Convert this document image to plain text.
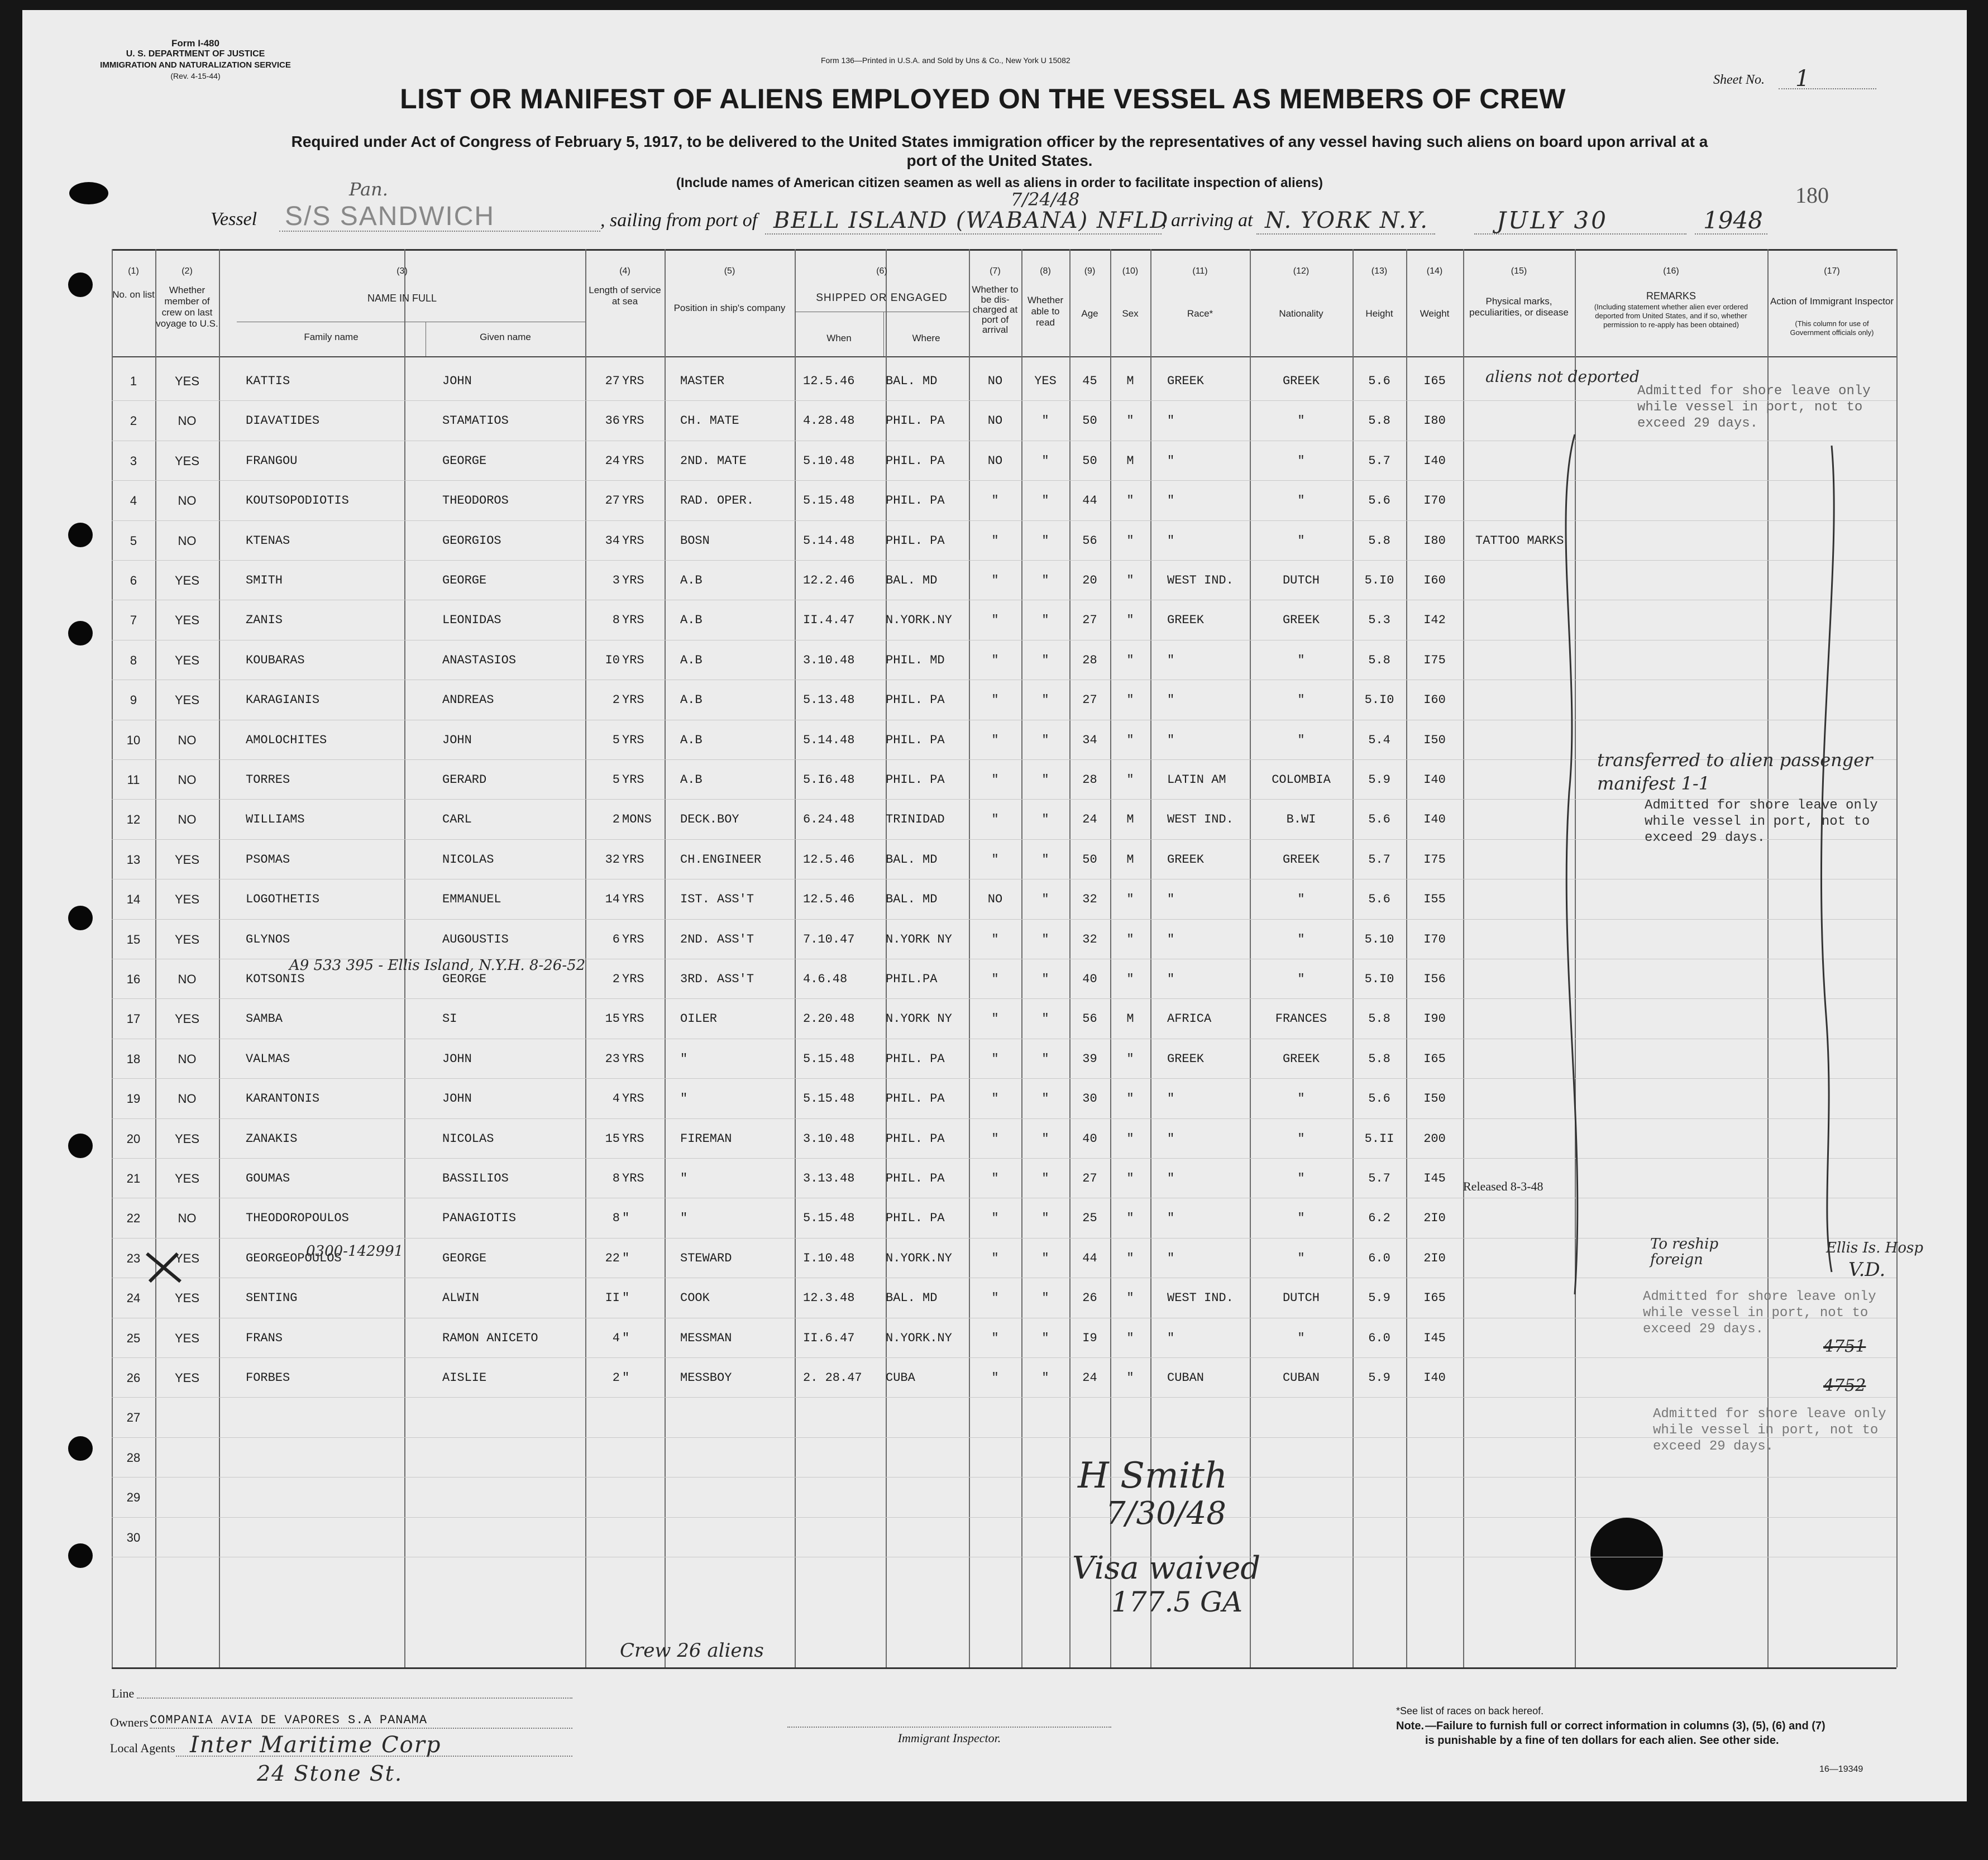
Form I-480
U. S. DEPARTMENT OF JUSTICE
IMMIGRATION AND NATURALIZATION SERVICE
(Rev. 4-15-44)
Form 136—Printed in U.S.A. and Sold by Uns & Co., New York U 15082
Sheet No. 1
180
LIST OR MANIFEST OF ALIENS EMPLOYED ON THE VESSEL AS MEMBERS OF CREW
Required under Act of Congress of February 5, 1917, to be delivered to the United States immigration officer by the representatives of any vessel having such aliens on board upon arrival at a
port of the United States.
(Include names of American citizen seamen as well as aliens in order to facilitate inspection of aliens)
Vessel
Pan.
S/S SANDWICH	, sailing from port of
7/24/48
BELL ISLAND (WABANA) NFLD
, arriving at N. YORK N.Y.	JULY 30	1948
(1)	(2)	(3)	(4)	(5)	(6)	(7)	(8)	(9)	(10)	(11)	(12)	(13)	(14)	(15)	(16)	(17)
No. on list	Whether member of crew on last voyage to U.S.
NAME IN FULL
Family name	Given name
Length of service at sea
Position in ship's company
SHIPPED OR ENGAGED
When	Where
Whether to be dis-charged at port of arrival
Whether able to read
Age	Sex	Race*	Nationality	Height	Weight
Physical marks, peculiarities, or disease
REMARKS
(Including statement whether alien ever ordered deported from United States, and if so, whether permission to re-apply has been obtained)
Action of Immigrant Inspector
(This column for use of Government officials only)
1	YES	KATTIS	JOHN	27 YRS	MASTER	12.5.46	BAL. MD	NO	YES	45	M	GREEK	GREEK	5.6	I65
2	NO	DIAVATIDES	STAMATIOS	36 YRS	CH. MATE	4.28.48	PHIL. PA	NO	"	50	"	"	"	5.8	I80
3	YES	FRANGOU	GEORGE	24 YRS	2ND. MATE	5.10.48	PHIL. PA	NO	"	50	M	"	"	5.7	I40
4	NO	KOUTSOPODIOTIS	THEODOROS	27 YRS	RAD. OPER.	5.15.48	PHIL. PA	"	"	44	"	"	"	5.6	I70
5	NO	KTENAS	GEORGIOS	34 YRS	BOSN	5.14.48	PHIL. PA	"	"	56	"	"	"	5.8	I80	TATTOO MARKS
6	YES	SMITH	GEORGE	3 YRS	A.B	12.2.46	BAL. MD	"	"	20	"	WEST IND.	DUTCH	5.I0	I60
7	YES	ZANIS	LEONIDAS	8 YRS	A.B	II.4.47	N.YORK.NY	"	"	27	"	GREEK	GREEK	5.3	I42
8	YES	KOUBARAS	ANASTASIOS	I0 YRS	A.B	3.10.48	PHIL. MD	"	"	28	"	"	"	5.8	I75
9	YES	KARAGIANIS	ANDREAS	2 YRS	A.B	5.13.48	PHIL. PA	"	"	27	"	"	"	5.I0	I60
10	NO	AMOLOCHITES	JOHN	5 YRS	A.B	5.14.48	PHIL. PA	"	"	34	"	"	"	5.4	I50
11	NO	TORRES	GERARD	5 YRS	A.B	5.I6.48	PHIL. PA	"	"	28	"	LATIN AM	COLOMBIA	5.9	I40
12	NO	WILLIAMS	CARL	2 MONS	DECK.BOY	6.24.48	TRINIDAD	"	"	24	M	WEST IND.	B.WI	5.6	I40
13	YES	PSOMAS	NICOLAS	32 YRS	CH.ENGINEER	12.5.46	BAL. MD	"	"	50	M	GREEK	GREEK	5.7	I75
14	YES	LOGOTHETIS	EMMANUEL	14 YRS	IST. ASS'T	12.5.46	BAL. MD	NO	"	32	"	"	"	5.6	I55
15	YES	GLYNOS	AUGOUSTIS	6 YRS	2ND. ASS'T	7.10.47	N.YORK NY	"	"	32	"	"	"	5.10	I70
16	NO	KOTSONIS	GEORGE	2 YRS	3RD. ASS'T	4.6.48	PHIL.PA	"	"	40	"	"	"	5.I0	I56
17	YES	SAMBA	SI	15 YRS	OILER	2.20.48	N.YORK NY	"	"	56	M	AFRICA	FRANCES	5.8	I90
18	NO	VALMAS	JOHN	23 YRS	"	5.15.48	PHIL. PA	"	"	39	"	GREEK	GREEK	5.8	I65
19	NO	KARANTONIS	JOHN	4 YRS	"	5.15.48	PHIL. PA	"	"	30	"	"	"	5.6	I50
20	YES	ZANAKIS	NICOLAS	15 YRS	FIREMAN	3.10.48	PHIL. PA	"	"	40	"	"	"	5.II	200
21	YES	GOUMAS	BASSILIOS	8 YRS	"	3.13.48	PHIL. PA	"	"	27	"	"	"	5.7	I45
Released 8-3-48
22	NO	THEODOROPOULOS	PANAGIOTIS	8 "	"	5.15.48	PHIL. PA	"	"	25	"	"	"	6.2	2I0
23	YES	GEORGEOPOULOS	GEORGE	22 "	STEWARD	I.10.48	N.YORK.NY	"	"	44	"	"	"	6.0	2I0
24	YES	SENTING	ALWIN	II "	COOK	12.3.48	BAL. MD	"	"	26	"	WEST IND.	DUTCH	5.9	I65
25	YES	FRANS	RAMON ANICETO	4 "	MESSMAN	II.6.47	N.YORK.NY	"	"	I9	"	"	"	6.0	I45
26	YES	FORBES	AISLIE	2 "	MESSBOY	2. 28.47	CUBA	"	"	24	"	CUBAN	CUBAN	5.9	I40
27
28
29
30
aliens not deported
Admitted for shore leave only while vessel in port, not to exceed 29 days.
transferred to alien passenger manifest 1-1
Admitted for shore leave only while vessel in port, not to exceed 29 days.
To reship foreign
Admitted for shore leave only while vessel in port, not to exceed 29 days.
Admitted for shore leave only while vessel in port, not to exceed 29 days.
Ellis Is. Hosp
V.D.
4751
4752
A9 533 395 - Ellis Island, N.Y.H. 8-26-52
0300-142991
H Smith
7/30/48
Visa waived
177.5 GA
Crew 26 aliens
Line
Owners COMPANIA AVIA DE VAPORES S.A PANAMA
Local Agents Inter Maritime Corp
24 Stone St.
Immigrant Inspector.
*See list of races on back hereof.
Note. —Failure to furnish full or correct information in columns (3), (5), (6) and (7)
is punishable by a fine of ten dollars for each alien. See other side.
16—19349
